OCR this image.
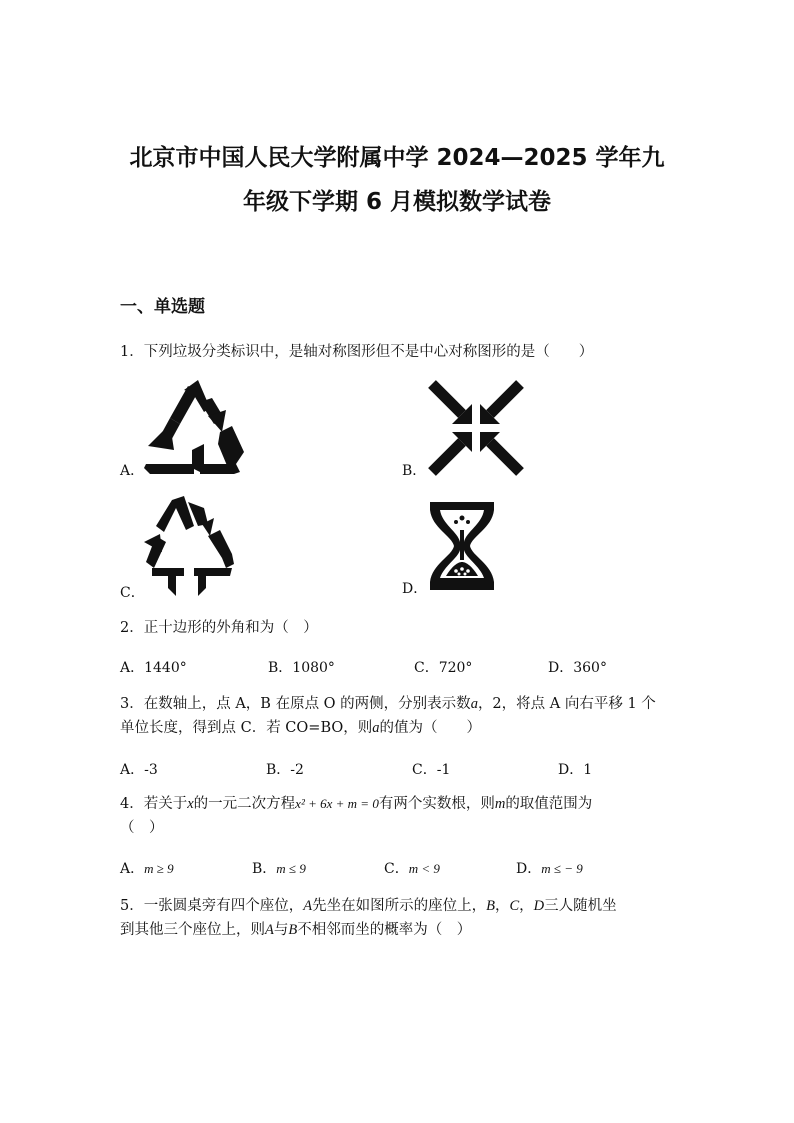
北京市中国人民大学附属中学 2024—2025 学年九
年级下学期 6 月模拟数学试卷
一、单选题
1．下列垃圾分类标识中，是轴对称图形但不是中心对称图形的是（　　）
A．	B．
C．	D．
2．正十边形的外角和为（　）
A．1440°	B．1080°	C．720°	D．360°
3．在数轴上，点 A，B 在原点 O 的两侧，分别表示数a，2，将点 A 向右平移 1 个
单位长度，得到点 C．若 CO=BO，则a的值为（　　）
A．-3	B．-2	C．-1	D．1
4．若关于x的一元二次方程x² + 6x + m = 0有两个实数根，则m的取值范围为
（　）
A．m ≥ 9	B．m ≤ 9	C．m < 9	D．m ≤ − 9
5．一张圆桌旁有四个座位，A先坐在如图所示的座位上，B，C，D三人随机坐
到其他三个座位上，则A与B不相邻而坐的概率为（　）
